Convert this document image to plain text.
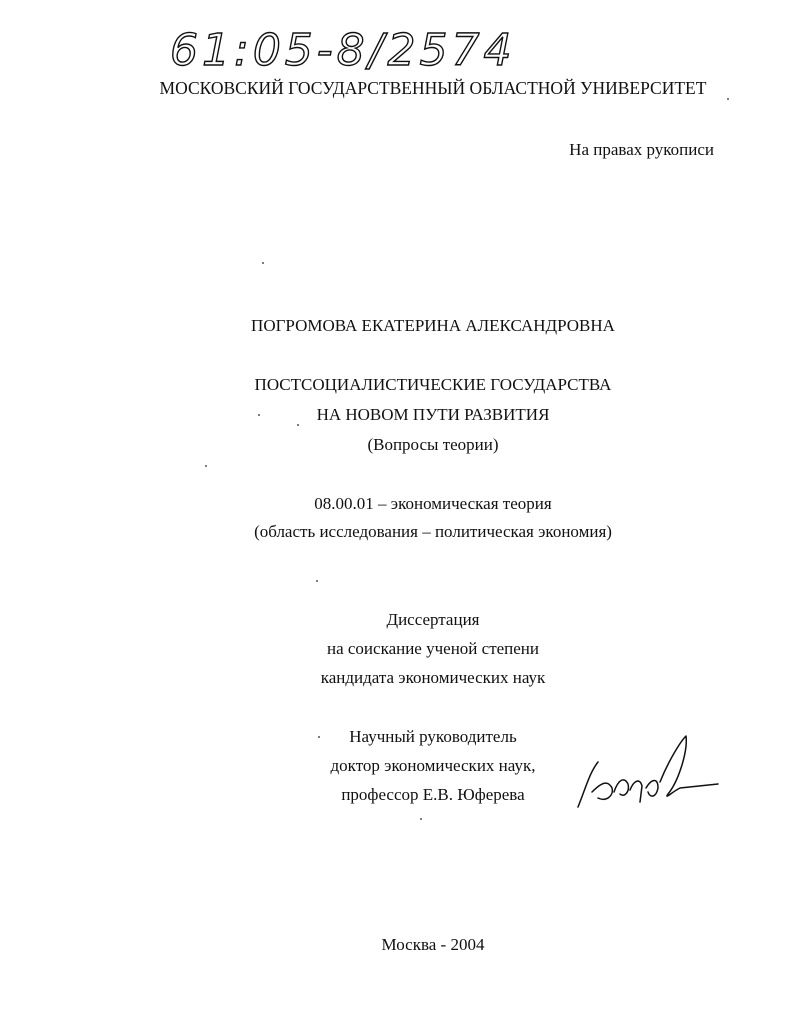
61:05-8/2574
МОСКОВСКИЙ ГОСУДАРСТВЕННЫЙ ОБЛАСТНОЙ УНИВЕРСИТЕТ
На правах рукописи
ПОГРОМОВА ЕКАТЕРИНА АЛЕКСАНДРОВНА
ПОСТСОЦИАЛИСТИЧЕСКИЕ ГОСУДАРСТВА
НА НОВОМ ПУТИ РАЗВИТИЯ
(Вопросы теории)
08.00.01 – экономическая теория
(область исследования – политическая экономия)
Диссертация
на соискание ученой степени
кандидата экономических наук
Научный руководитель
доктор экономических наук,
профессор Е.В. Юферева
Москва - 2004
